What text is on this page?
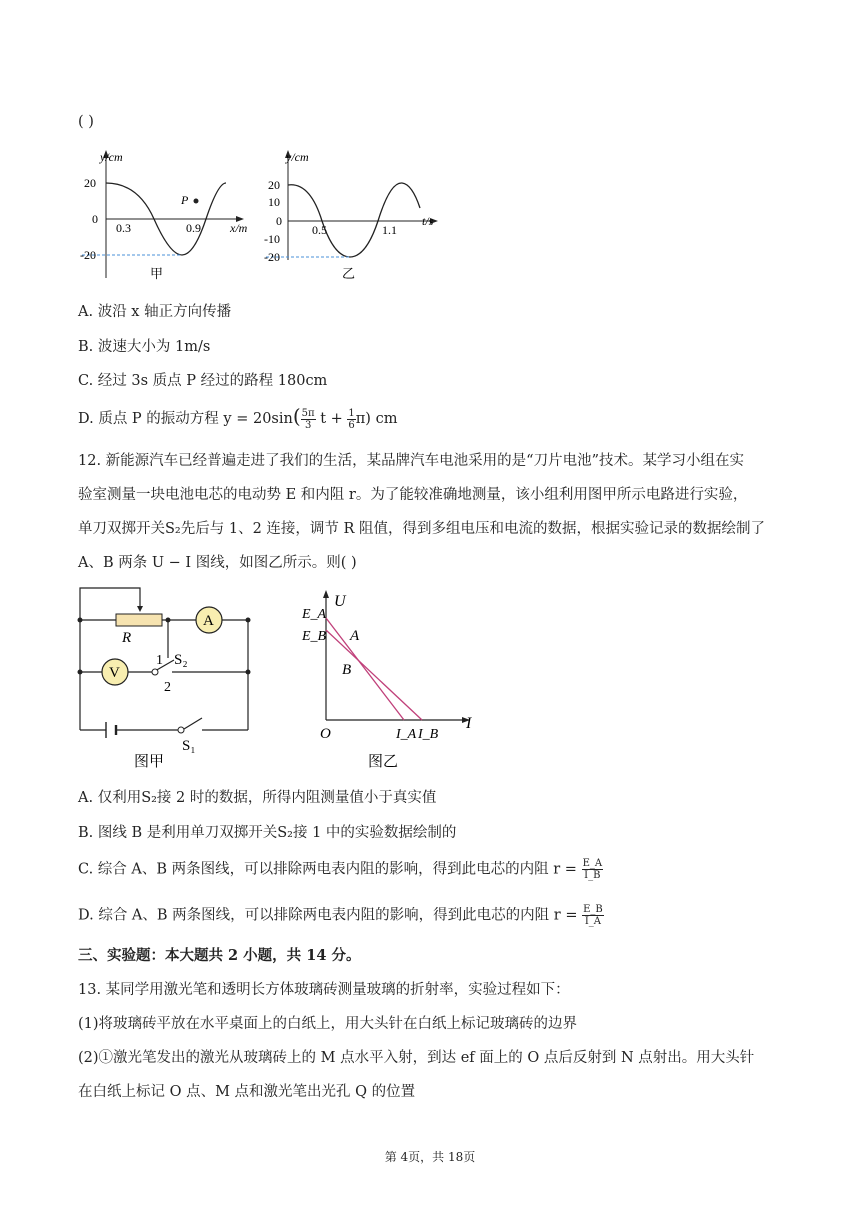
( )
y/cm
20
0
-20
0.3	0.9 x/m
P
甲
y/cm
20
10
0
-10
-20
0.5	1.1
t/s
乙
A. 波沿 x 轴正方向传播
B. 波速大小为 1m/s
C. 经过 3s 质点 P 经过的路程 180cm
D. 质点 P 的振动方程 $y = 20\sin( \frac{5\pi}{3}$ $t + \frac{1}{6} \pi$) cm
12. 新能源汽车已经普遍走进了我们的生活，某品牌汽车电池采用的是“刀片电池”技术。某学习小组在实
验室测量一块电池电芯的电动势 E 和内阻 r。为了能较准确地测量，该小组利用图甲所示电路进行实验，
单刀双掷开关S₂先后与 1、2 连接，调节 R 阻值，得到多组电压和电流的数据，根据实验记录的数据绘制了
A、B 两条 U − I 图线，如图乙所示。则( )
R
A
V
1 S₂
2
S₁
图甲
U
E_A
E_B A
B
O	I_A I_B
I
图乙
A. 仅利用S₂接 2 时的数据，所得内阻测量值小于真实值
B. 图线 B 是利用单刀双掷开关S₂接 1 中的实验数据绘制的
C. 综合 A、B 两条图线，可以排除两电表内阻的影响，得到此电芯的内阻 $r = \frac{E\_A}{I\_B}$
D. 综合 A、B 两条图线，可以排除两电表内阻的影响，得到此电芯的内阻 $r = \frac{E\_B}{I\_A}$
三、实验题：本大题共 2 小题，共 14 分。
13. 某同学用激光笔和透明长方体玻璃砖测量玻璃的折射率，实验过程如下：
(1)将玻璃砖平放在水平桌面上的白纸上，用大头针在白纸上标记玻璃砖的边界
(2)①激光笔发出的激光从玻璃砖上的 M 点水平入射，到达 ef 面上的 O 点后反射到 N 点射出。用大头针
在白纸上标记 O 点、M 点和激光笔出光孔 Q 的位置
第 4页，共 18页
